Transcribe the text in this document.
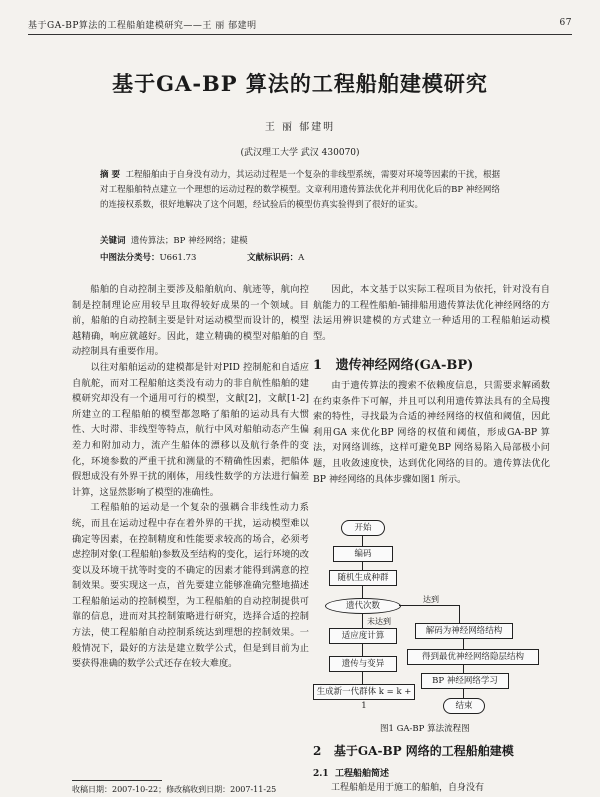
基于GA-BP算法的工程船舶建模研究——王 丽 郁建明	67
基于GA-BP 算法的工程船舶建模研究
王 丽 郁建明
(武汉理工大学 武汉 430070)
摘 要 工程船舶由于自身没有动力，其运动过程是一个复杂的非线型系统，需要对环境等因素的干扰，根据对工程船舶特点建立一个理想的运动过程的数学模型。文章利用遗传算法优化并利用优化后的BP 神经网络的连接权系数，很好地解决了这个问题，经试验后的模型仿真实验得到了很好的证实。
关键词 遗传算法；BP 神经网络；建模
中图法分类号：U661.73	文献标识码：A

船舶的自动控制主要涉及船舶航向、航迹等，航向控制是控制理论应用较早且取得较好成果的一个领域。目前，船舶的自动控制主要是针对运动模型而设计的，模型越精确，响应就越好。因此，建立精确的模型对船舶的自动控制具有重要作用。

以往对船舶运动的建模都是针对PID 控制舵和自适应自航舵，而对工程船舶这类没有动力的非自航性船舶的建模研究却没有一个通用可行的模型，文献[2]，文献[1-2]所建立的工程船舶的模型都忽略了船舶的运动具有大惯性、大时滞、非线型等特点，航行中风对船舶动态产生偏差力和附加动力，流产生船体的漂移以及航行条件的变化，环境参数的严重干扰和测量的不精确性因素，把船体假想成没有外界干扰的刚体，用线性数学的方法进行偏差计算，这显然影响了模型的准确性。

工程船舶的运动是一个复杂的强耦合非线性动力系统，而且在运动过程中存在着外界的干扰，运动模型难以确定等因素，在控制精度和性能要求较高的场合，必须考虑控制对象(工程船舶)参数及至结构的变化，运行环境的改变以及环境干扰等时变的不确定的因素才能得到满意的控制效果。要实现这一点，首先要建立能够准确完整地描述工程船舶运动的控制模型，为工程船舶的自动控制提供可靠的信息，进而对其控制策略进行研究，选择合适的控制方法，使工程船舶自动控制系统达到理想的控制效果。一般情况下，最好的方法是建立数学公式，但是到目前为止要获得准确的数学公式还存在较大难度。

因此，本文基于以实际工程项目为依托，针对没有自航能力的工程性船舶-铺排船用遗传算法优化神经网络的方法运用辨识建模的方式建立一种适用的工程船舶运动模型。

1 遗传神经网络(GA-BP)

由于遗传算法的搜索不依赖度信息，只需要求解函数在约束条件下可解，并且可以利用遗传算法具有的全局搜索的特性，寻找最为合适的神经网络的权值和阈值，因此利用GA 来优化BP 网络的权值和阈值，形成GA-BP 算法，对网络训练，这样可避免BP 网络易陷入局部极小问题，且收敛速度快，达到优化网络的目的。遗传算法优化BP 神经网络的具体步骤如图1 所示。

开始
编码
随机生成种群
遗代次数
达到
未达到
适应度计算
遗传与变异
生成新一代群体 k = k + 1
解码为神经网络结构
得到最优神经网络隐层结构
BP 神经网络学习
结束
图1 GA-BP 算法流程图
2 基于GA-BP 网络的工程船舶建模
2.1 工程船舶简述
工程船舶是用于施工的船舶，自身没有
收稿日期：2007-10-22；修改稿收到日期：2007-11-25
